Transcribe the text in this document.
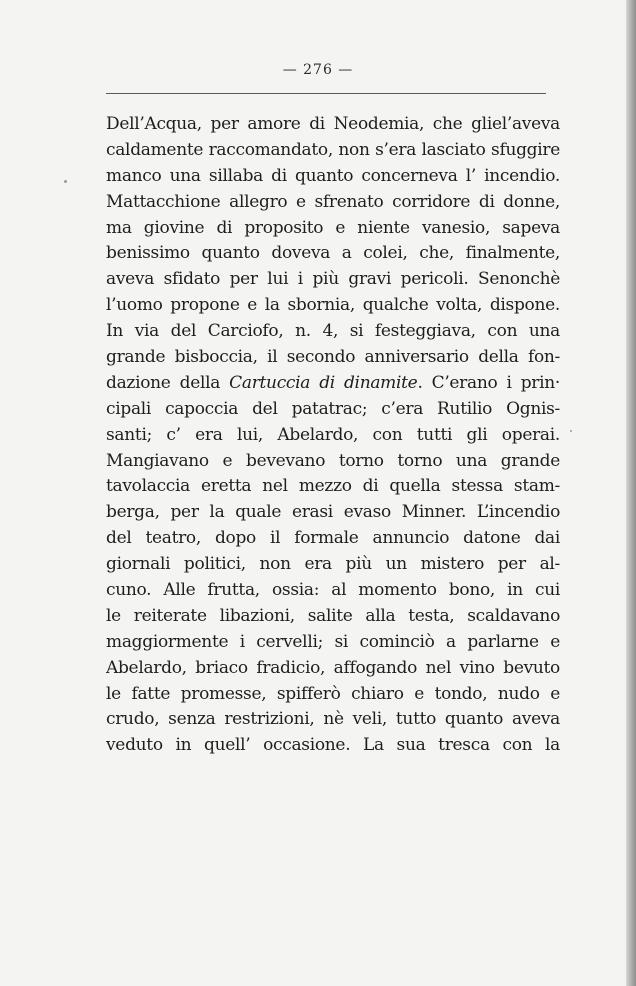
— 276 —
Dell’Acqua, per amore di Neodemia, che gliel’aveva
caldamente raccomandato, non s’era lasciato sfuggire
manco una sillaba di quanto concerneva l’ incendio.
Mattacchione allegro e sfrenato corridore di donne,
ma giovine di proposito e niente vanesio, sapeva
benissimo quanto doveva a colei, che, finalmente,
aveva sfidato per lui i più gravi pericoli. Senonchè
l’uomo propone e la sbornia, qualche volta, dispone.
In via del Carciofo, n. 4, si festeggiava, con una
grande bisboccia, il secondo anniversario della fon-
dazione della Cartuccia di dinamite. C’erano i prin·
cipali capoccia del patatrac; c’era Rutilio Ognis-
santi; c’ era lui, Abelardo, con tutti gli operai.
Mangiavano e bevevano torno torno una grande
tavolaccia eretta nel mezzo di quella stessa stam-
berga, per la quale erasi evaso Minner. L’incendio
del teatro, dopo il formale annuncio datone dai
giornali politici, non era più un mistero per al-
cuno. Alle frutta, ossia: al momento bono, in cui
le reiterate libazioni, salite alla testa, scaldavano
maggiormente i cervelli; si cominciò a parlarne e
Abelardo, briaco fradicio, affogando nel vino bevuto
le fatte promesse, spifferò chiaro e tondo, nudo e
crudo, senza restrizioni, nè veli, tutto quanto aveva
veduto in quell’ occasione. La sua tresca con la
